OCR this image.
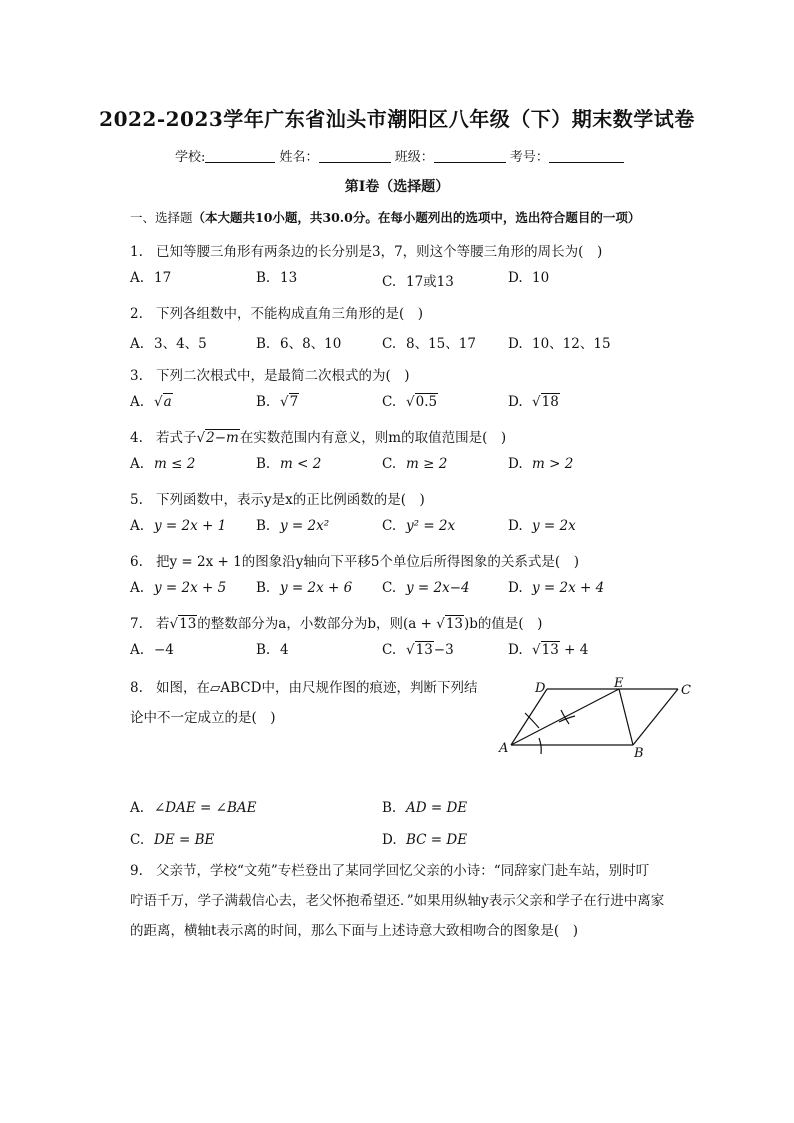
2022-2023学年广东省汕头市潮阳区八年级（下）期末数学试卷
学校:	姓名：	班级：	考号：
第I卷（选择题）
一、选择题（本大题共10小题，共30.0分。在每小题列出的选项中，选出符合题目的一项）
1. 已知等腰三角形有两条边的长分别是3，7，则这个等腰三角形的周长为(　)
A. 17	B. 13	C. 17或13	D. 10
2. 下列各组数中，不能构成直角三角形的是(　)
A. 3、4、5	B. 6、8、10	C. 8、15、17 D. 10、12、15
3. 下列二次根式中，是最简二次根式的为(　)
A. √a	B. √7	C. √0.5	D. √18
4. 若式子√2−m在实数范围内有意义，则m的取值范围是(　)
A. m ≤ 2	B. m < 2	C. m ≥ 2	D. m > 2
5. 下列函数中，表示y是x的正比例函数的是(　)
A. y = 2x + 1 B. y = 2x²	C. y² = 2x	D. y = 2x
6. 把y = 2x + 1的图象沿y轴向下平移5个单位后所得图象的关系式是(　)
A. y = 2x + 5 B. y = 2x + 6 C. y = 2x−4	D. y = 2x + 4
7. 若√13的整数部分为a，小数部分为b，则(a + √13)b的值是(　)
A. −4	B. 4	C. √13−3	D. √13 + 4
8. 如图，在▱ABCD中，由尺规作图的痕迹，判断下列结
论中不一定成立的是(　)
D	E	C
A	B
A. ∠DAE = ∠BAE	B. AD = DE
C. DE = BE	D. BC = DE
9. 父亲节，学校“文苑”专栏登出了某同学回忆父亲的小诗：“同辞家门赴车站，别时叮
咛语千万，学子满载信心去，老父怀抱希望还．”如果用纵轴y表示父亲和学子在行进中离家
的距离，横轴t表示离的时间，那么下面与上述诗意大致相吻合的图象是(　)
